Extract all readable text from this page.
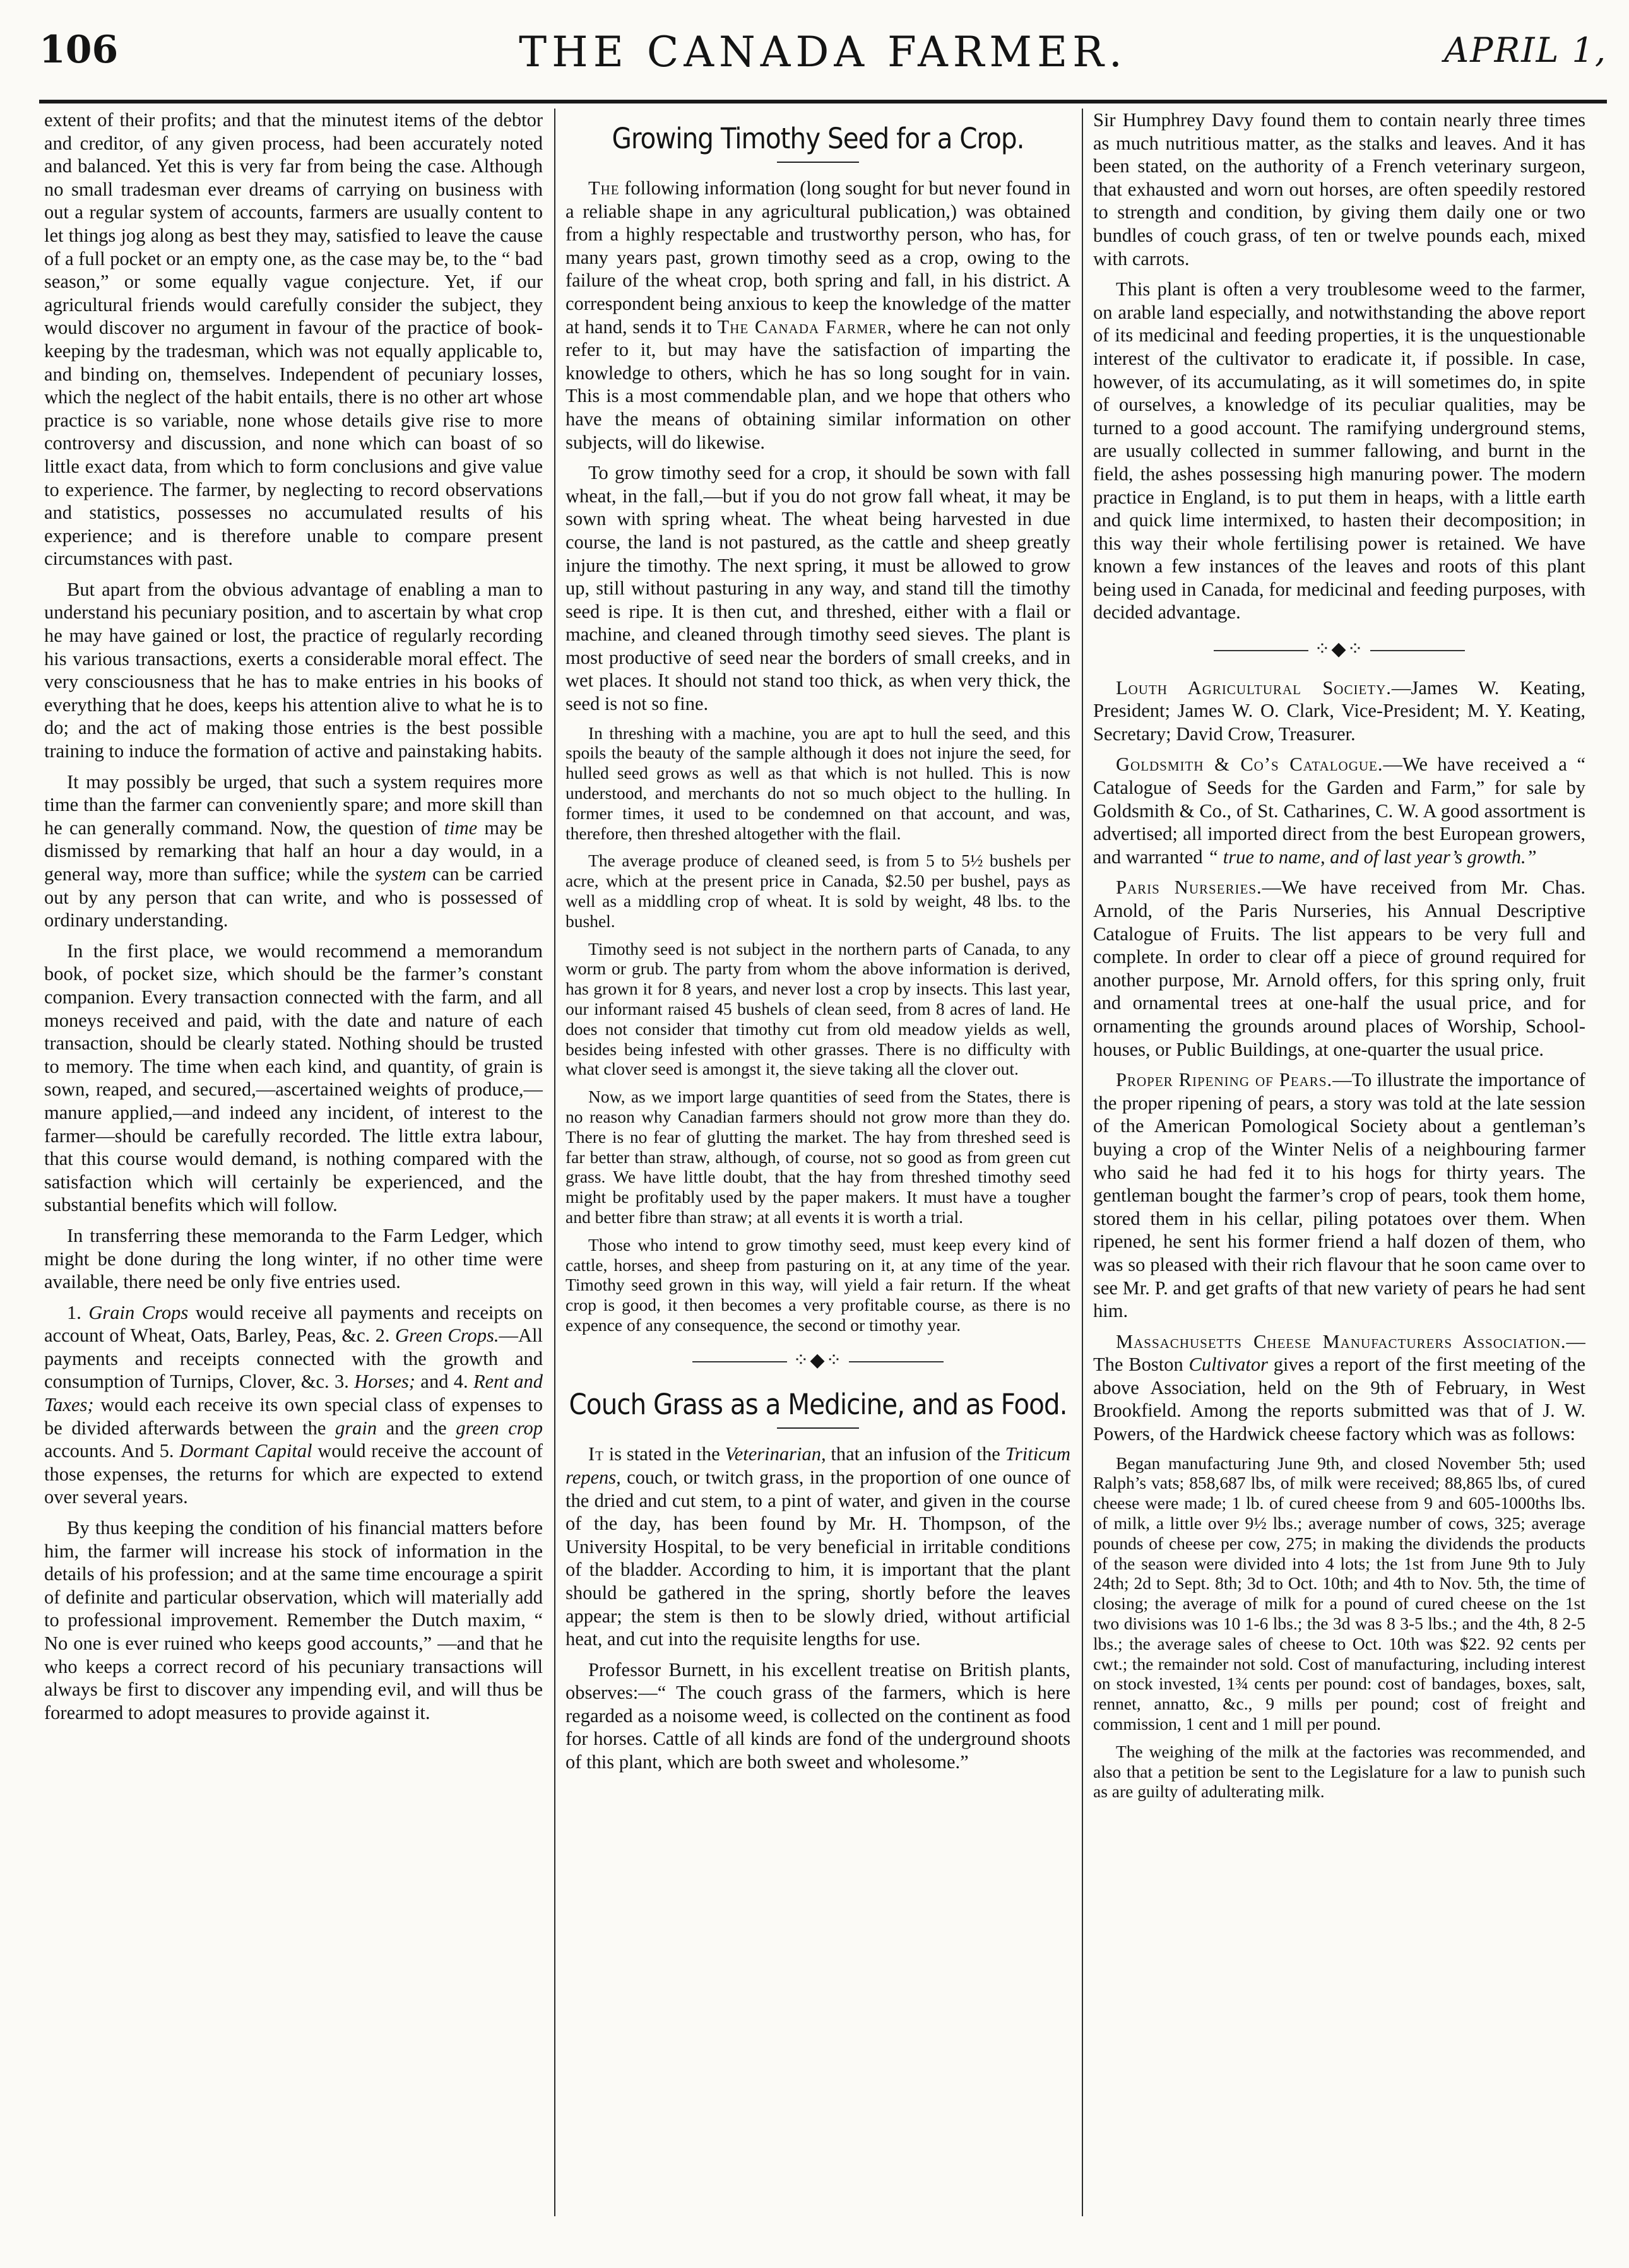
106	THE CANADA FARMER.	APRIL 1,

extent of their profits; and that the minutest items of the debtor and creditor, of any given process, had been accurately noted and balanced. Yet this is very far from being the case. Although no small tradesman ever dreams of carrying on business with out a regular system of accounts, farmers are usually content to let things jog along as best they may, satisfied to leave the cause of a full pocket or an empty one, as the case may be, to the “ bad season,” or some equally vague conjecture. Yet, if our agricultural friends would carefully consider the subject, they would discover no argument in favour of the practice of book-keeping by the tradesman, which was not equally applicable to, and binding on, themselves. Independent of pecuniary losses, which the neglect of the habit entails, there is no other art whose practice is so variable, none whose details give rise to more controversy and discussion, and none which can boast of so little exact data, from which to form conclusions and give value to experience. The farmer, by neglecting to record observations and statistics, possesses no accumulated results of his experience; and is therefore unable to compare present circumstances with past.

But apart from the obvious advantage of enabling a man to understand his pecuniary position, and to ascertain by what crop he may have gained or lost, the practice of regularly recording his various transactions, exerts a considerable moral effect. The very consciousness that he has to make entries in his books of everything that he does, keeps his attention alive to what he is to do; and the act of making those entries is the best possible training to induce the formation of active and painstaking habits.

It may possibly be urged, that such a system requires more time than the farmer can conveniently spare; and more skill than he can generally command. Now, the question of time may be dismissed by remarking that half an hour a day would, in a general way, more than suffice; while the system can be carried out by any person that can write, and who is possessed of ordinary understanding.

In the first place, we would recommend a memorandum book, of pocket size, which should be the farmer’s constant companion. Every transaction connected with the farm, and all moneys received and paid, with the date and nature of each transaction, should be clearly stated. Nothing should be trusted to memory. The time when each kind, and quantity, of grain is sown, reaped, and secured,—ascertained weights of produce,—manure applied,—and indeed any incident, of interest to the farmer—should be carefully recorded. The little extra labour, that this course would demand, is nothing compared with the satisfaction which will certainly be experienced, and the substantial benefits which will follow.

In transferring these memoranda to the Farm Ledger, which might be done during the long winter, if no other time were available, there need be only five entries used.

1. Grain Crops would receive all payments and receipts on account of Wheat, Oats, Barley, Peas, &c. 2. Green Crops.—All payments and receipts connected with the growth and consumption of Turnips, Clover, &c. 3. Horses; and 4. Rent and Taxes; would each receive its own special class of expenses to be divided afterwards between the grain and the green crop accounts. And 5. Dormant Capital would receive the account of those expenses, the returns for which are expected to extend over several years.

By thus keeping the condition of his financial matters before him, the farmer will increase his stock of information in the details of his profession; and at the same time encourage a spirit of definite and particular observation, which will materially add to professional improvement. Remember the Dutch maxim, “ No one is ever ruined who keeps good accounts,” —and that he who keeps a correct record of his pecuniary transactions will always be first to discover any impending evil, and will thus be forearmed to adopt measures to provide against it.

Growing Timothy Seed for a Crop.

The following information (long sought for but never found in a reliable shape in any agricultural publication,) was obtained from a highly respectable and trustworthy person, who has, for many years past, grown timothy seed as a crop, owing to the failure of the wheat crop, both spring and fall, in his district. A correspondent being anxious to keep the knowledge of the matter at hand, sends it to The Canada Farmer, where he can not only refer to it, but may have the satisfaction of imparting the knowledge to others, which he has so long sought for in vain. This is a most commendable plan, and we hope that others who have the means of obtaining similar information on other subjects, will do likewise.

To grow timothy seed for a crop, it should be sown with fall wheat, in the fall,—but if you do not grow fall wheat, it may be sown with spring wheat. The wheat being harvested in due course, the land is not pastured, as the cattle and sheep greatly injure the timothy. The next spring, it must be allowed to grow up, still without pasturing in any way, and stand till the timothy seed is ripe. It is then cut, and threshed, either with a flail or machine, and cleaned through timothy seed sieves. The plant is most productive of seed near the borders of small creeks, and in wet places. It should not stand too thick, as when very thick, the seed is not so fine.

In threshing with a machine, you are apt to hull the seed, and this spoils the beauty of the sample although it does not injure the seed, for hulled seed grows as well as that which is not hulled. This is now understood, and merchants do not so much object to the hulling. In former times, it used to be condemned on that account, and was, therefore, then threshed altogether with the flail.

The average produce of cleaned seed, is from 5 to 5½ bushels per acre, which at the present price in Canada, $2.50 per bushel, pays as well as a middling crop of wheat. It is sold by weight, 48 lbs. to the bushel.

Timothy seed is not subject in the northern parts of Canada, to any worm or grub. The party from whom the above information is derived, has grown it for 8 years, and never lost a crop by insects. This last year, our informant raised 45 bushels of clean seed, from 8 acres of land. He does not consider that timothy cut from old meadow yields as well, besides being infested with other grasses. There is no difficulty with what clover seed is amongst it, the sieve taking all the clover out.

Now, as we import large quantities of seed from the States, there is no reason why Canadian farmers should not grow more than they do. There is no fear of glutting the market. The hay from threshed seed is far better than straw, although, of course, not so good as from green cut grass. We have little doubt, that the hay from threshed timothy seed might be profitably used by the paper makers. It must have a tougher and better fibre than straw; at all events it is worth a trial.

Those who intend to grow timothy seed, must keep every kind of cattle, horses, and sheep from pasturing on it, at any time of the year. Timothy seed grown in this way, will yield a fair return. If the wheat crop is good, it then becomes a very profitable course, as there is no expence of any consequence, the second or timothy year.

⁘◆⁘
Couch Grass as a Medicine, and as Food.

It is stated in the Veterinarian, that an infusion of the Triticum repens, couch, or twitch grass, in the proportion of one ounce of the dried and cut stem, to a pint of water, and given in the course of the day, has been found by Mr. H. Thompson, of the University Hospital, to be very beneficial in irritable conditions of the bladder. According to him, it is important that the plant should be gathered in the spring, shortly before the leaves appear; the stem is then to be slowly dried, without artificial heat, and cut into the requisite lengths for use.

Professor Burnett, in his excellent treatise on British plants, observes:—“ The couch grass of the farmers, which is here regarded as a noisome weed, is collected on the continent as food for horses. Cattle of all kinds are fond of the underground shoots of this plant, which are both sweet and wholesome.”

Sir Humphrey Davy found them to contain nearly three times as much nutritious matter, as the stalks and leaves. And it has been stated, on the authority of a French veterinary surgeon, that exhausted and worn out horses, are often speedily restored to strength and condition, by giving them daily one or two bundles of couch grass, of ten or twelve pounds each, mixed with carrots.

This plant is often a very troublesome weed to the farmer, on arable land especially, and notwithstanding the above report of its medicinal and feeding properties, it is the unquestionable interest of the cultivator to eradicate it, if possible. In case, however, of its accumulating, as it will sometimes do, in spite of ourselves, a knowledge of its peculiar qualities, may be turned to a good account. The ramifying underground stems, are usually collected in summer fallowing, and burnt in the field, the ashes possessing high manuring power. The modern practice in England, is to put them in heaps, with a little earth and quick lime intermixed, to hasten their decomposition; in this way their whole fertilising power is retained. We have known a few instances of the leaves and roots of this plant being used in Canada, for medicinal and feeding purposes, with decided advantage.

⁘◆⁘

Louth Agricultural Society.—James W. Keating, President; James W. O. Clark, Vice-President; M. Y. Keating, Secretary; David Crow, Treasurer.

Goldsmith & Co’s Catalogue.—We have received a “ Catalogue of Seeds for the Garden and Farm,” for sale by Goldsmith & Co., of St. Catharines, C. W. A good assortment is advertised; all imported direct from the best European growers, and warranted “ true to name, and of last year’s growth.”

Paris Nurseries.—We have received from Mr. Chas. Arnold, of the Paris Nurseries, his Annual Descriptive Catalogue of Fruits. The list appears to be very full and complete. In order to clear off a piece of ground required for another purpose, Mr. Arnold offers, for this spring only, fruit and ornamental trees at one-half the usual price, and for ornamenting the grounds around places of Worship, School-houses, or Public Buildings, at one-quarter the usual price.

Proper Ripening of Pears.—To illustrate the importance of the proper ripening of pears, a story was told at the late session of the American Pomological Society about a gentleman’s buying a crop of the Winter Nelis of a neighbouring farmer who said he had fed it to his hogs for thirty years. The gentleman bought the farmer’s crop of pears, took them home, stored them in his cellar, piling potatoes over them. When ripened, he sent his former friend a half dozen of them, who was so pleased with their rich flavour that he soon came over to see Mr. P. and get grafts of that new variety of pears he had sent him.

Massachusetts Cheese Manufacturers Association.—The Boston Cultivator gives a report of the first meeting of the above Association, held on the 9th of February, in West Brookfield. Among the reports submitted was that of J. W. Powers, of the Hardwick cheese factory which was as follows:

Began manufacturing June 9th, and closed November 5th; used Ralph’s vats; 858,687 lbs, of milk were received; 88,865 lbs, of cured cheese were made; 1 lb. of cured cheese from 9 and 605-1000ths lbs. of milk, a little over 9½ lbs.; average number of cows, 325; average pounds of cheese per cow, 275; in making the dividends the products of the season were divided into 4 lots; the 1st from June 9th to July 24th; 2d to Sept. 8th; 3d to Oct. 10th; and 4th to Nov. 5th, the time of closing; the average of milk for a pound of cured cheese on the 1st two divisions was 10 1-6 lbs.; the 3d was 8 3-5 lbs.; and the 4th, 8 2-5 lbs.; the average sales of cheese to Oct. 10th was $22. 92 cents per cwt.; the remainder not sold. Cost of manufacturing, including interest on stock invested, 1¾ cents per pound: cost of bandages, boxes, salt, rennet, annatto, &c., 9 mills per pound; cost of freight and commission, 1 cent and 1 mill per pound.

The weighing of the milk at the factories was recommended, and also that a petition be sent to the Legislature for a law to punish such as are guilty of adulterating milk.
